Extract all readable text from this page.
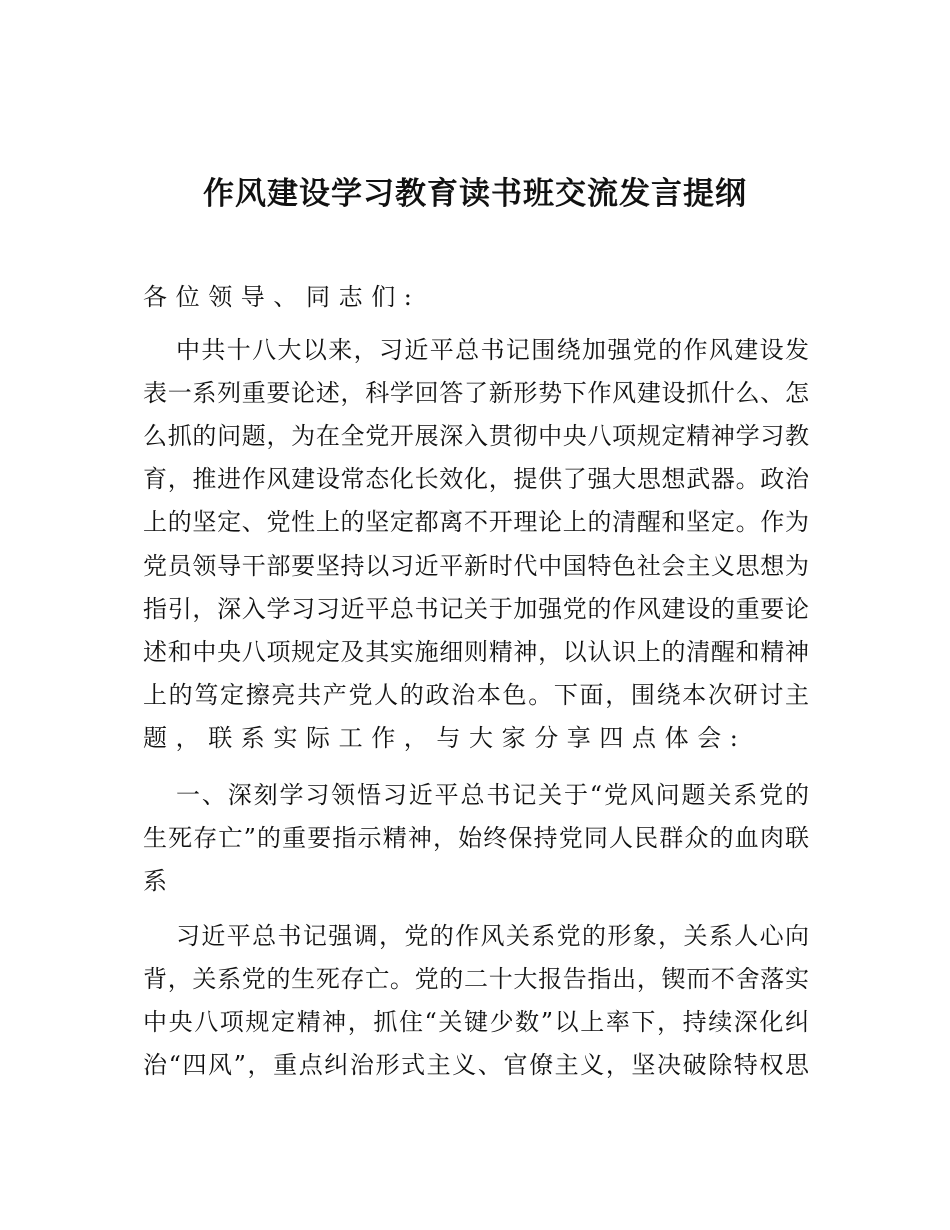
作风建设学习教育读书班交流发言提纲
各位领导、同志们:
中共十八大以来，习近平总书记围绕加强党的作风建设发
表一系列重要论述，科学回答了新形势下作风建设抓什么、怎
么抓的问题，为在全党开展深入贯彻中央八项规定精神学习教
育，推进作风建设常态化长效化，提供了强大思想武器。政治
上的坚定、党性上的坚定都离不开理论上的清醒和坚定。作为
党员领导干部要坚持以习近平新时代中国特色社会主义思想为
指引，深入学习习近平总书记关于加强党的作风建设的重要论
述和中央八项规定及其实施细则精神，以认识上的清醒和精神
上的笃定擦亮共产党人的政治本色。下面，围绕本次研讨主
题，联系实际工作，与大家分享四点体会:
一、深刻学习领悟习近平总书记关于“党风问题关系党的
生死存亡”的重要指示精神，始终保持党同人民群众的血肉联
系
习近平总书记强调，党的作风关系党的形象，关系人心向
背，关系党的生死存亡。党的二十大报告指出，锲而不舍落实
中央八项规定精神，抓住“关键少数”以上率下，持续深化纠
治“四风”，重点纠治形式主义、官僚主义，坚决破除特权思
